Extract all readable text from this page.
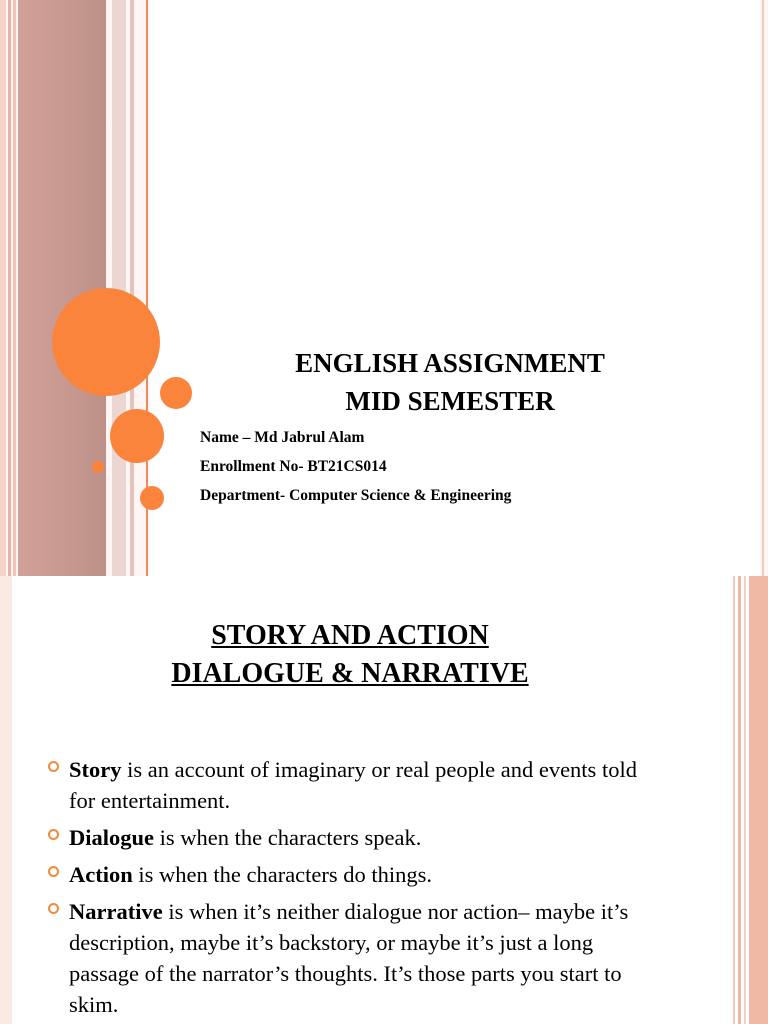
ENGLISH ASSIGNMENT
MID SEMESTER
Name – Md Jabrul Alam
Enrollment No- BT21CS014
Department- Computer Science & Engineering
STORY AND ACTION
DIALOGUE & NARRATIVE
Story is an account of imaginary or real people and events told for entertainment.
Dialogue is when the characters speak.
Action is when the characters do things.
Narrative is when it’s neither dialogue nor action– maybe it’s description, maybe it’s backstory, or maybe it’s just a long passage of the narrator’s thoughts. It’s those parts you start to skim.
